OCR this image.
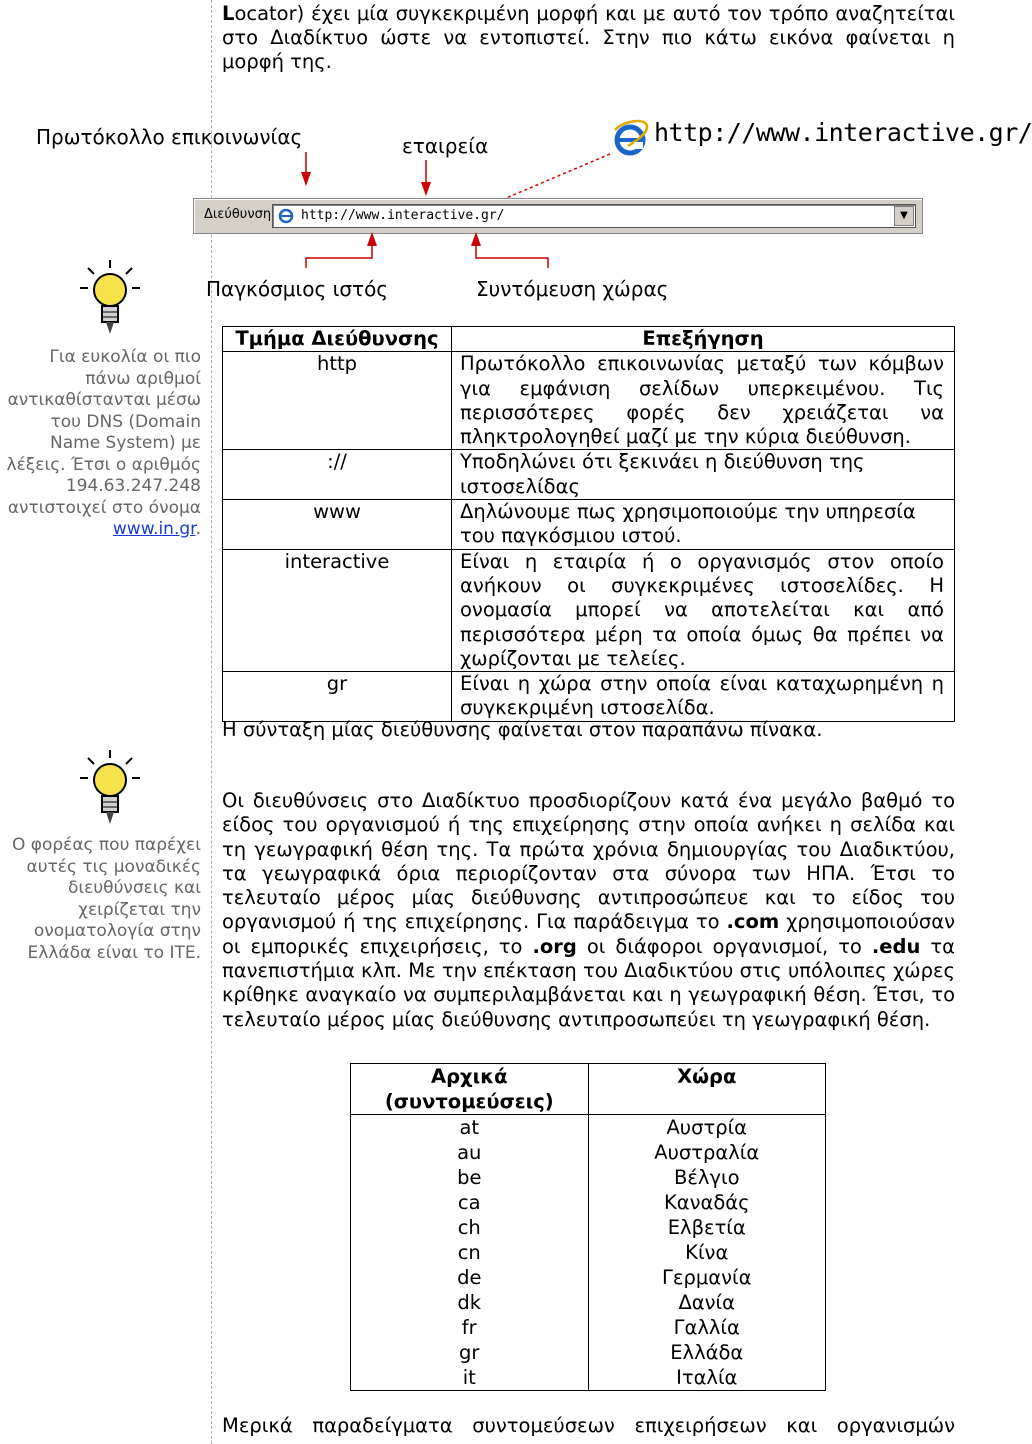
Locator) έχει μία συγκεκριμένη μορφή και με αυτό τον τρόπο αναζητείται στο Διαδίκτυο ώστε να εντοπιστεί. Στην πιο κάτω εικόνα φαίνεται η
μορφή της.
Πρωτόκολλο επικοινωνίας	εταιρεία
Παγκόσμιος ιστός	Συντόμευση χώρας
http://www.interactive.gr/
Διεύθυνση http://www.interactive.gr/	▼
Για ευκολία οι πιο πάνω αριθμοί αντικαθίστανται μέσω του DNS (Domain Name System) με λέξεις. Έτσι ο αριθμός 194.63.247.248 αντιστοιχεί στο όνομα www.in.gr.
Ο φορέας που παρέχει αυτές τις μοναδικές διευθύνσεις και χειρίζεται την ονοματολογία στην Ελλάδα είναι το ΙΤΕ.
Τμήμα Διεύθυνσης	Επεξήγηση
http	Πρωτόκολλο επικοινωνίας μεταξύ των κόμβων για εμφάνιση σελίδων υπερκειμένου. Τις περισσότερες φορές δεν χρειάζεται να πληκτρολογηθεί μαζί με την κύρια διεύθυνση.
://	Υποδηλώνει ότι ξεκινάει η διεύθυνση της ιστοσελίδας
www	Δηλώνουμε πως χρησιμοποιούμε την υπηρεσία του παγκόσμιου ιστού.
interactive	Είναι η εταιρία ή ο οργανισμός στον οποίο ανήκουν οι συγκεκριμένες ιστοσελίδες. Η ονομασία μπορεί να αποτελείται και από περισσότερα μέρη τα οποία όμως θα πρέπει να χωρίζονται με τελείες.
gr	Είναι η χώρα στην οποία είναι καταχωρημένη η συγκεκριμένη ιστοσελίδα.
Η σύνταξη μίας διεύθυνσης φαίνεται στον παραπάνω πίνακα.
Οι διευθύνσεις στο Διαδίκτυο προσδιορίζουν κατά ένα μεγάλο βαθμό το είδος του οργανισμού ή της επιχείρησης στην οποία ανήκει η σελίδα και τη γεωγραφική θέση της. Τα πρώτα χρόνια δημιουργίας του Διαδικτύου, τα γεωγραφικά όρια περιορίζονταν στα σύνορα των ΗΠΑ. Έτσι το τελευταίο μέρος μίας διεύθυνσης αντιπροσώπευε και το είδος του οργανισμού ή της επιχείρησης. Για παράδειγμα το .com χρησιμοποιούσαν οι εμπορικές επιχειρήσεις, το .org οι διάφοροι οργανισμοί, το .edu τα πανεπιστήμια κλπ. Με την επέκταση του Διαδικτύου στις υπόλοιπες χώρες κρίθηκε αναγκαίο να συμπεριλαμβάνεται και η γεωγραφική θέση. Έτσι, το τελευταίο μέρος μίας διεύθυνσης αντιπροσωπεύει τη γεωγραφική θέση.
Αρχικά (συντομεύσεις)	Χώρα
at	Αυστρία
au	Αυστραλία
be	Βέλγιο
ca	Καναδάς
ch	Ελβετία
cn	Κίνα
de	Γερμανία
dk	Δανία
fr	Γαλλία
gr	Ελλάδα
it	Ιταλία
Μερικά παραδείγματα συντομεύσεων επιχειρήσεων και οργανισμών
